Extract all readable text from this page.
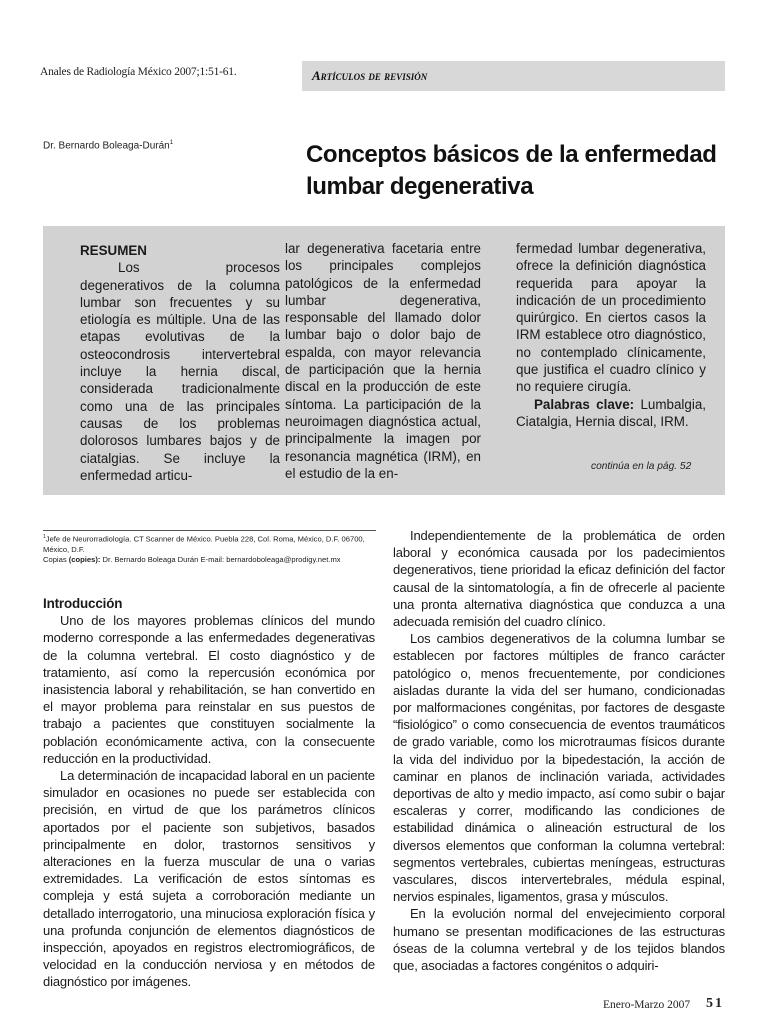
Anales de Radiología México 2007;1:51-61.	Artículos de revisión
Dr. Bernardo Boleaga-Durán$^1$	Conceptos básicos de la enfermedad lumbar degenerativa

RESUMEN

Los procesos degenerativos de la columna lumbar son frecuentes y su etiología es múltiple. Una de las etapas evolutivas de la osteocondrosis intervertebral incluye la hernia discal, considerada tradicionalmente como una de las principales causas de los problemas dolorosos lumbares bajos y de ciatalgias. Se incluye la enfermedad articu-

lar degenerativa facetaria entre los principales complejos patológicos de la enfermedad lumbar degenerativa, responsable del llamado dolor lumbar bajo o dolor bajo de espalda, con mayor relevancia de participación que la hernia discal en la producción de este síntoma. La participación de la neuroimagen diagnóstica actual, principalmente la imagen por resonancia magnética (IRM), en el estudio de la en-

fermedad lumbar degenerativa, ofrece la definición diagnóstica requerida para apoyar la indicación de un procedimiento quirúrgico. En ciertos casos la IRM establece otro diagnóstico, no contemplado clínicamente, que justifica el cuadro clínico y no requiere cirugía.

Palabras clave: Lumbalgia, Ciatalgia, Hernia discal, IRM.

continúa en la pág. 52

$^1$Jefe de Neurorradiología. CT Scanner de México. Puebla 228, Col. Roma, México, D.F. 06700, México, D.F.

Copias (copies): Dr. Bernardo Boleaga Durán E-mail: bernardoboleaga@prodigy.net.mx

Introducción

Uno de los mayores problemas clínicos del mundo moderno corresponde a las enfermedades degenerativas de la columna vertebral. El costo diagnóstico y de tratamiento, así como la repercusión económica por inasistencia laboral y rehabilitación, se han convertido en el mayor problema para reinstalar en sus puestos de trabajo a pacientes que constituyen socialmente la población económicamente activa, con la consecuente reducción en la productividad.

La determinación de incapacidad laboral en un paciente simulador en ocasiones no puede ser establecida con precisión, en virtud de que los parámetros clínicos aportados por el paciente son subjetivos, basados principalmente en dolor, trastornos sensitivos y alteraciones en la fuerza muscular de una o varias extremidades. La verificación de estos síntomas es compleja y está sujeta a corroboración mediante un detallado interrogatorio, una minuciosa exploración física y una profunda conjunción de elementos diagnósticos de inspección, apoyados en registros electromiográficos, de velocidad en la conducción nerviosa y en métodos de diagnóstico por imágenes.

Independientemente de la problemática de orden laboral y económica causada por los padecimientos degenerativos, tiene prioridad la eficaz definición del factor causal de la sintomatología, a fin de ofrecerle al paciente una pronta alternativa diagnóstica que conduzca a una adecuada remisión del cuadro clínico.

Los cambios degenerativos de la columna lumbar se establecen por factores múltiples de franco carácter patológico o, menos frecuentemente, por condiciones aisladas durante la vida del ser humano, condicionadas por malformaciones congénitas, por factores de desgaste “fisiológico” o como consecuencia de eventos traumáticos de grado variable, como los microtraumas físicos durante la vida del individuo por la bipedestación, la acción de caminar en planos de inclinación variada, actividades deportivas de alto y medio impacto, así como subir o bajar escaleras y correr, modificando las condiciones de estabilidad dinámica o alineación estructural de los diversos elementos que conforman la columna vertebral: segmentos vertebrales, cubiertas meníngeas, estructuras vasculares, discos intervertebrales, médula espinal, nervios espinales, ligamentos, grasa y músculos.

En la evolución normal del envejecimiento corporal humano se presentan modificaciones de las estructuras óseas de la columna vertebral y de los tejidos blandos que, asociadas a factores congénitos o adquiri-

Enero-Marzo 2007 51
